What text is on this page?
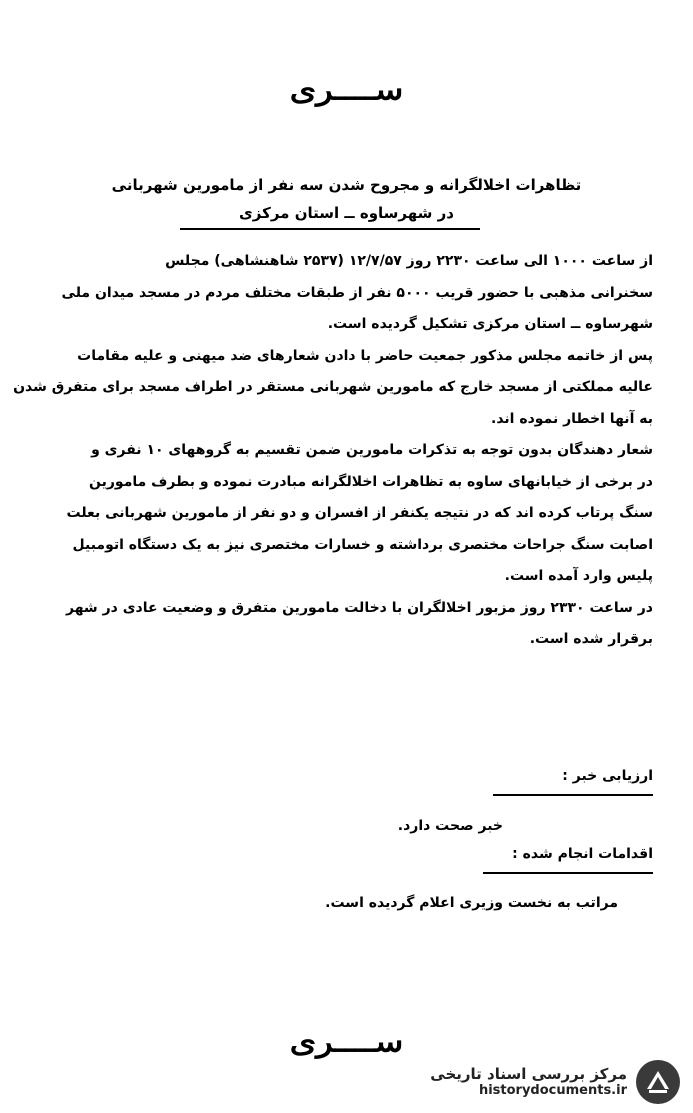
ســــری
تظاهرات اخلالگرانه و مجروح شدن سه نفر از مامورین شهربانی
در شهرساوه ــ استان مرکزی

از ساعت ۱۰۰۰ الی ساعت ۲۲۳۰ روز ۱۲/۷/۵۷ (۲۵۳۷ شاهنشاهی) مجلس

سخنرانی مذهبی با حضور قریب ۵۰۰۰ نفر از طبقات مختلف مردم در مسجد میدان ملی

شهرساوه ــ استان مرکزی تشکیل گردیده است.

پس از خاتمه مجلس مذکور جمعیت حاضر با دادن شعارهای ضد میهنی و علیه مقامات

عالیه مملکتی از مسجد خارج که مامورین شهربانی مستقر در اطراف مسجد برای متفرق شدن

به آنها اخطار نموده اند.

شعار دهندگان بدون توجه به تذکرات مامورین ضمن تقسیم به گروههای ۱۰ نفری و

در برخی از خیابانهای ساوه به تظاهرات اخلالگرانه مبادرت نموده و بطرف مامورین

سنگ پرتاب کرده اند که در نتیجه یکنفر از افسران و دو نفر از مامورین شهربانی بعلت

اصابت سنگ جراحات مختصری برداشته و خسارات مختصری نیز به یک دستگاه اتومبیل

پلیس وارد آمده است.

در ساعت ۲۳۳۰ روز مزبور اخلالگران با دخالت مامورین متفرق و وضعیت عادی در شهر

برقرار شده است.

ارزیابی خبر :
خبر صحت دارد.
اقدامات انجام شده :
مراتب به نخست وزیری اعلام گردیده است.
ســــری
مرکز بررسی اسناد تاریخی
historydocuments.ir
